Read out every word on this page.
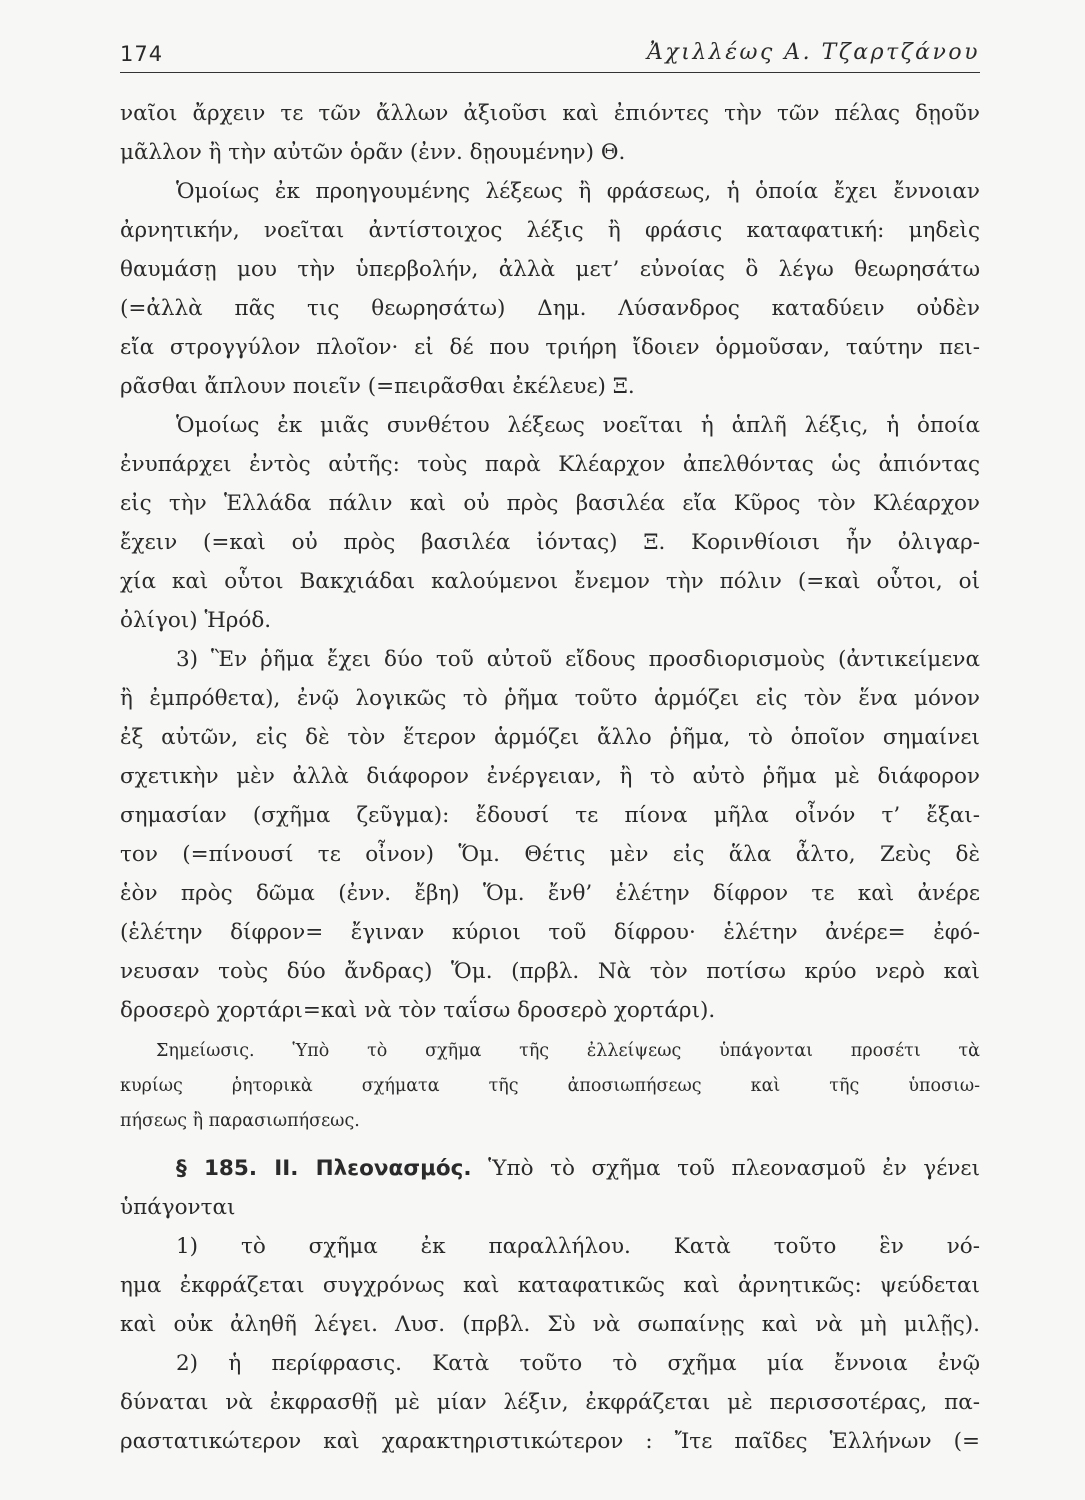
174	Ἀχιλλέως Α. Τζαρτζάνου
ναῖοι ἄρχειν τε τῶν ἄλλων ἀξιοῦσι καὶ ἐπιόντες τὴν τῶν πέλας δῃοῦν
μᾶλλον ἢ τὴν αὐτῶν ὁρᾶν (ἐνν. δῃουμένην) Θ.
Ὁμοίως ἐκ προηγουμένης λέξεως ἢ φράσεως, ἡ ὁποία ἔχει ἔννοιαν
ἀρνητικήν, νοεῖται ἀντίστοιχος λέξις ἢ φράσις καταφατική: μηδεὶς
θαυμάσῃ μου τὴν ὑπερβολήν, ἀλλὰ μετ’ εὐνοίας ὃ λέγω θεωρησάτω
(=ἀλλὰ πᾶς τις θεωρησάτω) Δημ. Λύσανδρος καταδύειν οὐδὲν
εἴα στρογγύλον πλοῖον· εἰ δέ που τριήρη ἴδοιεν ὁρμοῦσαν, ταύτην πει-
ρᾶσθαι ἄπλουν ποιεῖν (=πειρᾶσθαι ἐκέλευε) Ξ.
Ὁμοίως ἐκ μιᾶς συνθέτου λέξεως νοεῖται ἡ ἁπλῆ λέξις, ἡ ὁποία
ἐνυπάρχει ἐντὸς αὐτῆς: τοὺς παρὰ Κλέαρχον ἀπελθόντας ὡς ἀπιόντας
εἰς τὴν Ἑλλάδα πάλιν καὶ οὐ πρὸς βασιλέα εἴα Κῦρος τὸν Κλέαρχον
ἔχειν (=καὶ οὐ πρὸς βασιλέα ἰόντας) Ξ. Κορινθίοισι ἦν ὀλιγαρ-
χία καὶ οὗτοι Βακχιάδαι καλούμενοι ἔνεμον τὴν πόλιν (=καὶ οὗτοι, οἱ
ὀλίγοι) Ἡρόδ.
3) Ἓν ῥῆμα ἔχει δύο τοῦ αὐτοῦ εἴδους προσδιορισμοὺς (ἀντικείμενα
ἢ ἐμπρόθετα), ἐνῷ λογικῶς τὸ ῥῆμα τοῦτο ἁρμόζει εἰς τὸν ἕνα μόνον
ἐξ αὐτῶν, εἰς δὲ τὸν ἕτερον ἁρμόζει ἄλλο ῥῆμα, τὸ ὁποῖον σημαίνει
σχετικὴν μὲν ἀλλὰ διάφορον ἐνέργειαν, ἢ τὸ αὐτὸ ῥῆμα μὲ διάφορον
σημασίαν (σχῆμα ζεῦγμα): ἔδουσί τε πίονα μῆλα οἶνόν τ’ ἔξαι-
τον (=πίνουσί τε οἶνον) Ὅμ. Θέτις μὲν εἰς ἅλα ἆλτο, Ζεὺς δὲ
ἑὸν πρὸς δῶμα (ἐνν. ἔβη) Ὅμ. ἔνθ’ ἑλέτην δίφρον τε καὶ ἀνέρε
(ἑλέτην δίφρον= ἔγιναν κύριοι τοῦ δίφρου· ἑλέτην ἀνέρε= ἐφό-
νευσαν τοὺς δύο ἄνδρας) Ὅμ. (πρβλ. Νὰ τὸν ποτίσω κρύο νερὸ καὶ
δροσερὸ χορτάρι=καὶ νὰ τὸν ταΐσω δροσερὸ χορτάρι).
Σημείωσις. Ὑπὸ τὸ σχῆμα τῆς ἐλλείψεως ὑπάγονται προσέτι τὰ
κυρίως ῥητορικὰ σχήματα τῆς ἀποσιωπήσεως καὶ τῆς ὑποσιω-
πήσεως ἢ παρασιωπήσεως.
§ 185. II. Πλεονασμός. Ὑπὸ τὸ σχῆμα τοῦ πλεονασμοῦ ἐν γένει
ὑπάγονται
1) τὸ σχῆμα ἐκ παραλλήλου. Κατὰ τοῦτο ἓν νό-
ημα ἐκφράζεται συγχρόνως καὶ καταφατικῶς καὶ ἀρνητικῶς: ψεύδεται
καὶ οὐκ ἀληθῆ λέγει. Λυσ. (πρβλ. Σὺ νὰ σωπαίνῃς καὶ νὰ μὴ μιλῇς).
2) ἡ περίφρασις. Κατὰ τοῦτο τὸ σχῆμα μία ἔννοια ἐνῷ
δύναται νὰ ἐκφρασθῇ μὲ μίαν λέξιν, ἐκφράζεται μὲ περισσοτέρας, πα-
ραστατικώτερον καὶ χαρακτηριστικώτερον : Ἴτε παῖδες Ἑλλήνων (=
